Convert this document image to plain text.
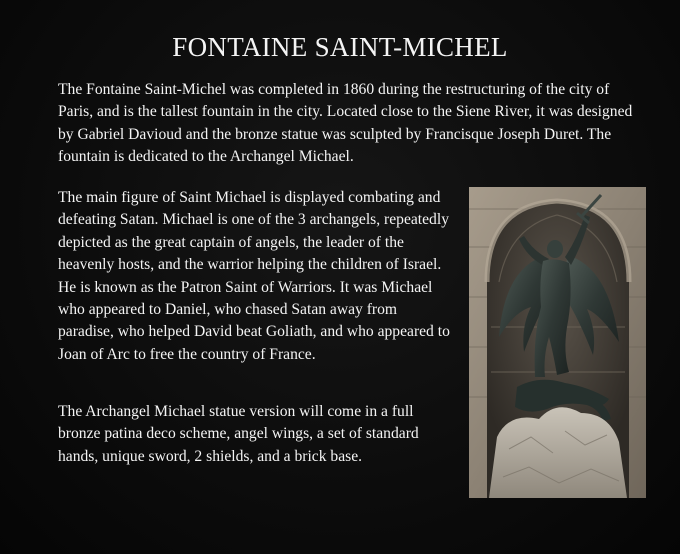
FONTAINE SAINT-MICHEL

The Fontaine Saint-Michel was completed in 1860 during the restructuring of the city of Paris, and is the tallest fountain in the city. Located close to the Siene River, it was designed by Gabriel Davioud and the bronze statue was sculpted by Francisque Joseph Duret. The fountain is dedicated to the Archangel Michael.

The main figure of Saint Michael is displayed combating and defeating Satan. Michael is one of the 3 archangels, repeatedly depicted as the great captain of angels, the leader of the heavenly hosts, and the warrior helping the children of Israel. He is known as the Patron Saint of Warriors. It was Michael who appeared to Daniel, who chased Satan away from paradise, who helped David beat Goliath, and who appeared to Joan of Arc to free the country of France.

The Archangel Michael statue version will come in a full bronze patina deco scheme, angel wings, a set of standard hands, unique sword, 2 shields, and a brick base.
